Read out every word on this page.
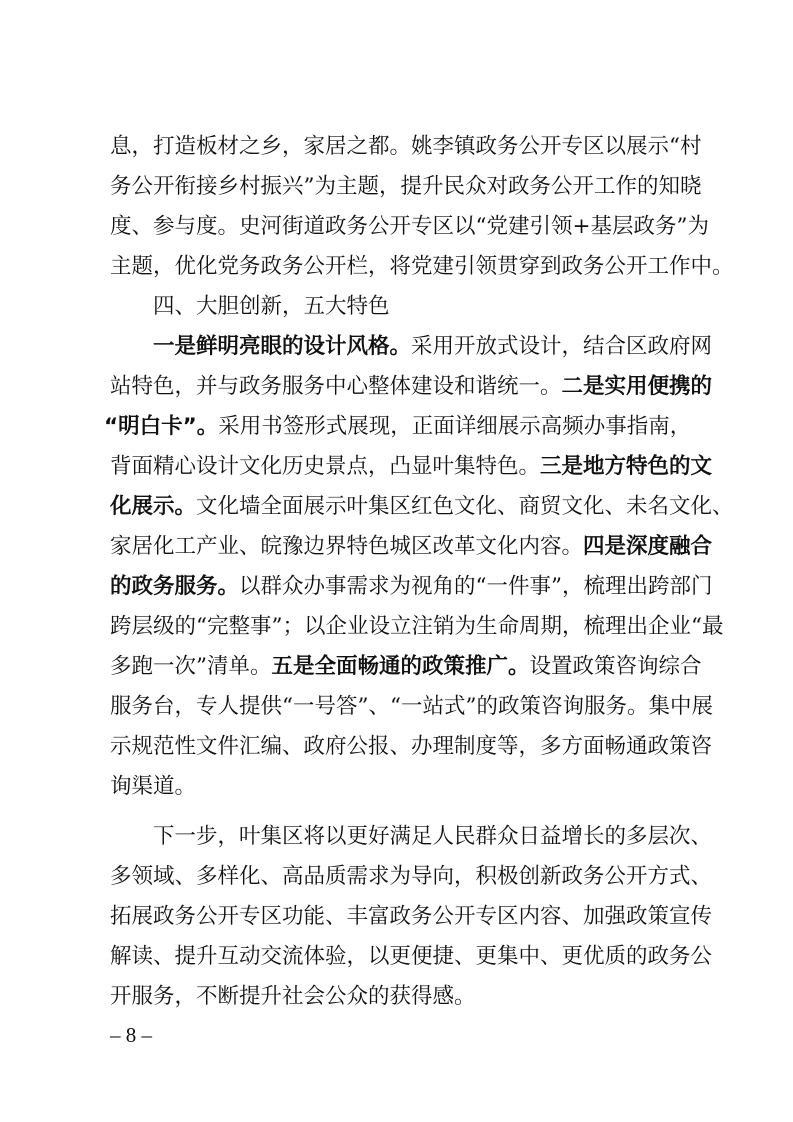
息，打造板材之乡，家居之都。姚李镇政务公开专区以展示“村
务公开衔接乡村振兴”为主题，提升民众对政务公开工作的知晓
度、参与度。史河街道政务公开专区以“党建引领+基层政务”为
主题，优化党务政务公开栏，将党建引领贯穿到政务公开工作中。
四、大胆创新，五大特色
一是鲜明亮眼的设计风格。采用开放式设计，结合区政府网
站特色，并与政务服务中心整体建设和谐统一。二是实用便携的
“明白卡”。采用书签形式展现，正面详细展示高频办事指南，
背面精心设计文化历史景点，凸显叶集特色。三是地方特色的文
化展示。文化墙全面展示叶集区红色文化、商贸文化、未名文化、
家居化工产业、皖豫边界特色城区改革文化内容。四是深度融合
的政务服务。以群众办事需求为视角的“一件事”，梳理出跨部门
跨层级的“完整事”；以企业设立注销为生命周期，梳理出企业“最
多跑一次”清单。五是全面畅通的政策推广。设置政策咨询综合
服务台，专人提供“一号答”、“一站式”的政策咨询服务。集中展
示规范性文件汇编、政府公报、办理制度等，多方面畅通政策咨
询渠道。
下一步，叶集区将以更好满足人民群众日益增长的多层次、
多领域、多样化、高品质需求为导向，积极创新政务公开方式、
拓展政务公开专区功能、丰富政务公开专区内容、加强政策宣传
解读、提升互动交流体验，以更便捷、更集中、更优质的政务公
开服务，不断提升社会公众的获得感。
– 8 –
